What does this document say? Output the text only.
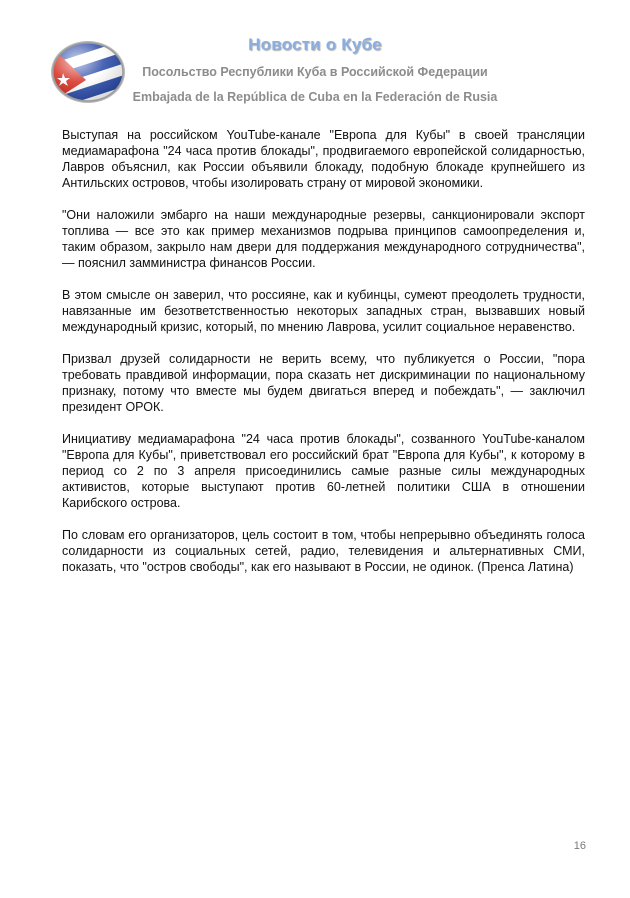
Новости о Кубе
Посольство Республики Куба в Российской Федерации
Embajada de la República de Cuba en la Federación de Rusia

Выступая на российском YouTube-канале "Европа для Кубы" в своей трансляции медиамарафона "24 часа против блокады", продвигаемого европейской солидарностью, Лавров объяснил, как России объявили блокаду, подобную блокаде крупнейшего из Антильских островов, чтобы изолировать страну от мировой экономики.

"Они наложили эмбарго на наши международные резервы, санкционировали экспорт топлива — все это как пример механизмов подрыва принципов самоопределения и, таким образом, закрыло нам двери для поддержания международного сотрудничества", — пояснил замминистра финансов России.

В этом смысле он заверил, что россияне, как и кубинцы, сумеют преодолеть трудности, навязанные им безответственностью некоторых западных стран, вызвавших новый международный кризис, который, по мнению Лаврова, усилит социальное неравенство.

Призвал друзей солидарности не верить всему, что публикуется о России, "пора требовать правдивой информации, пора сказать нет дискриминации по национальному признаку, потому что вместе мы будем двигаться вперед и побеждать", — заключил президент ОРОК.

Инициативу медиамарафона "24 часа против блокады", созванного YouTube-каналом "Европа для Кубы", приветствовал его российский брат "Европа для Кубы", к которому в период со 2 по 3 апреля присоединились самые разные силы международных активистов, которые выступают против 60-летней политики США в отношении Карибского острова.

По словам его организаторов, цель состоит в том, чтобы непрерывно объединять голоса солидарности из социальных сетей, радио, телевидения и альтернативных СМИ, показать, что "остров свободы", как его называют в России, не одинок. (Пренса Латина)

16
